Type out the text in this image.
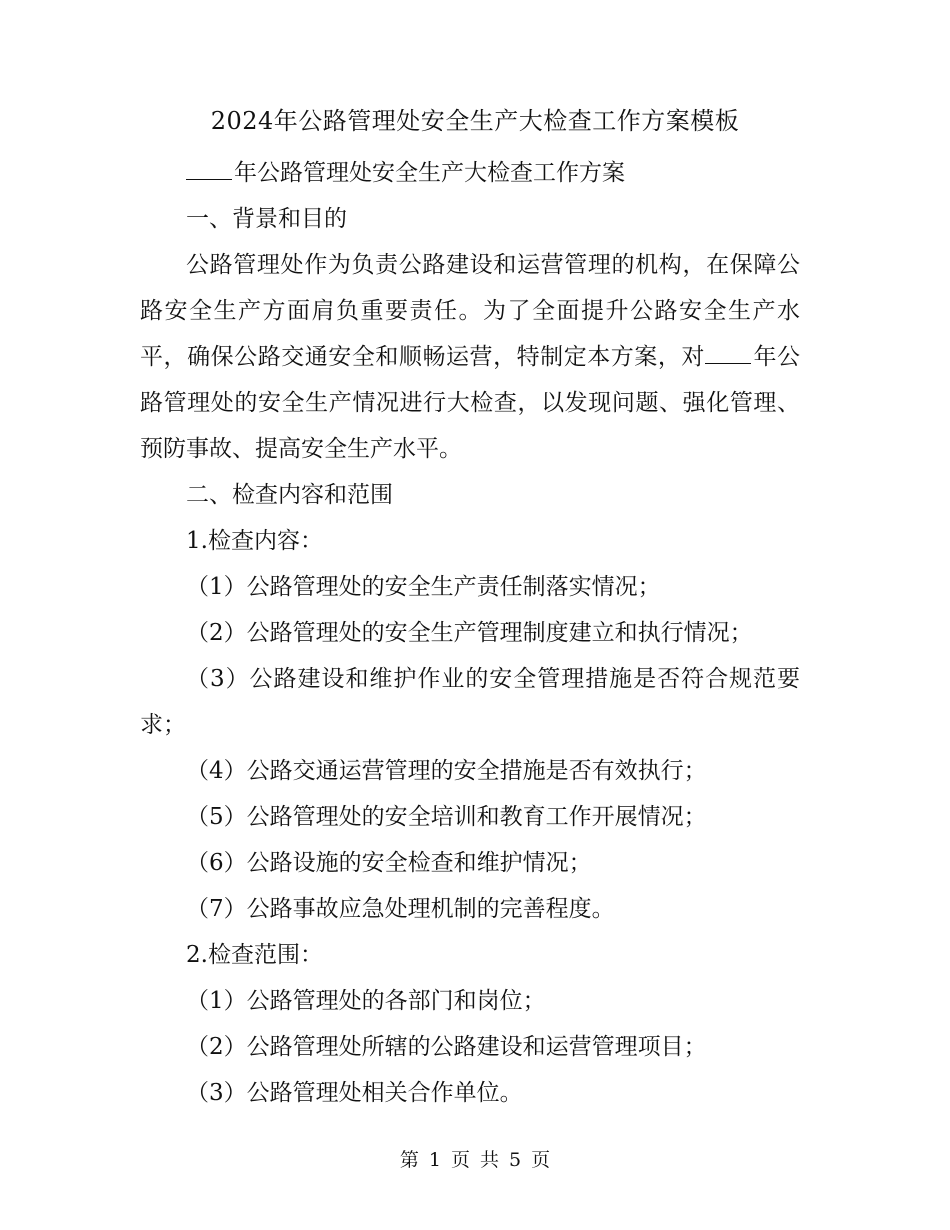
2024年公路管理处安全生产大检查工作方案模板

年公路管理处安全生产大检查工作方案

一、背景和目的

公路管理处作为负责公路建设和运营管理的机构，在保障公路安全生产方面肩负重要责任。为了全面提升公路安全生产水平，确保公路交通安全和顺畅运营，特制定本方案，对 年公路管理处的安全生产情况进行大检查，以发现问题、强化管理、预防事故、提高安全生产水平。

二、检查内容和范围

1.检查内容：

（1）公路管理处的安全生产责任制落实情况；

（2）公路管理处的安全生产管理制度建立和执行情况；

（3）公路建设和维护作业的安全管理措施是否符合规范要求；

（4）公路交通运营管理的安全措施是否有效执行；

（5）公路管理处的安全培训和教育工作开展情况；

（6）公路设施的安全检查和维护情况；

（7）公路事故应急处理机制的完善程度。

2.检查范围：

（1）公路管理处的各部门和岗位；

（2）公路管理处所辖的公路建设和运营管理项目；

（3）公路管理处相关合作单位。

第 1 页 共 5 页
